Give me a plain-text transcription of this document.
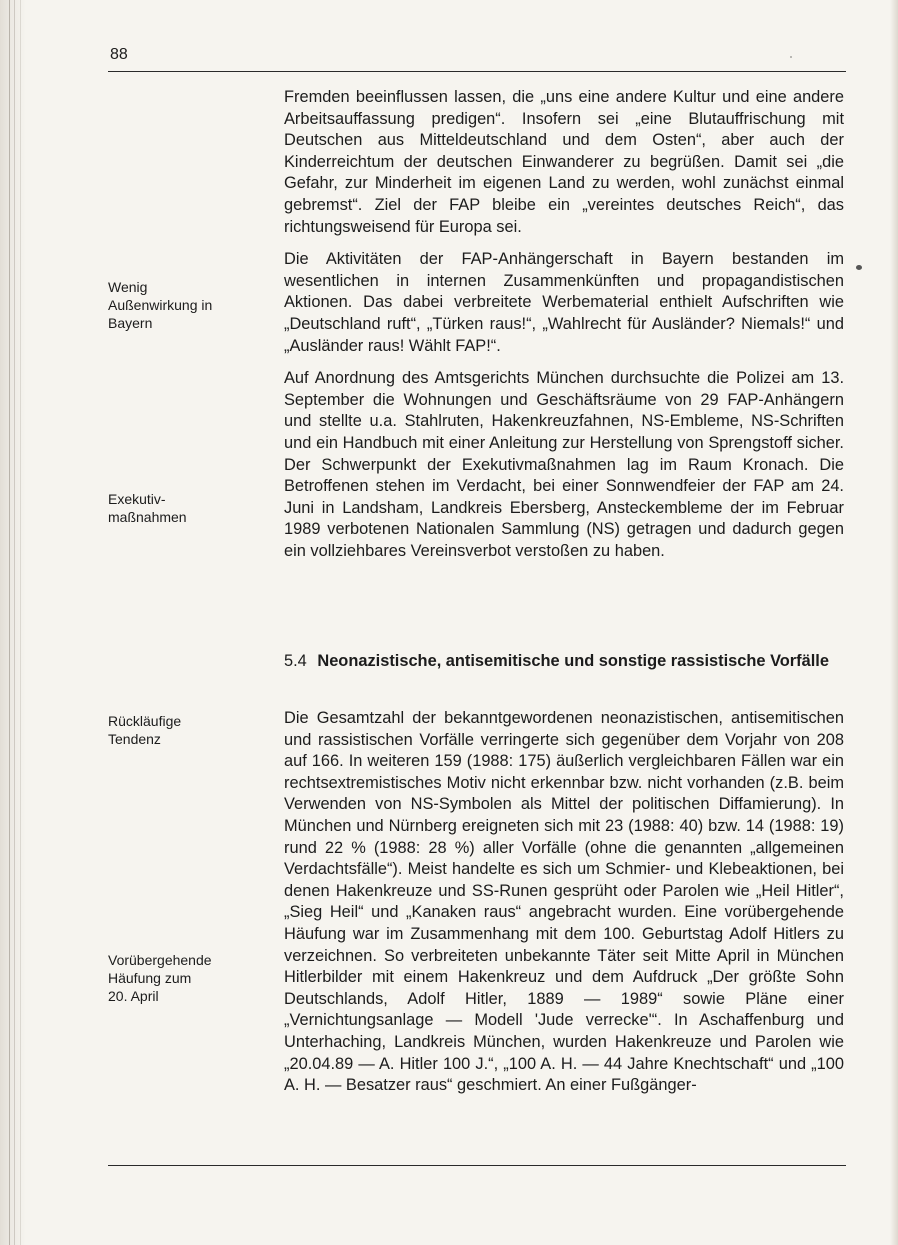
88
Wenig
Außenwirkung in
Bayern
Exekutiv-
maßnahmen
Rückläufige
Tendenz
Vorübergehende
Häufung zum
20. April

Fremden beeinflussen lassen, die „uns eine andere Kultur und eine andere Arbeitsauffassung predigen“. Insofern sei „eine Blutauffrischung mit Deutschen aus Mitteldeutschland und dem Osten“, aber auch der Kinderreichtum der deutschen Einwanderer zu begrüßen. Damit sei „die Gefahr, zur Minderheit im eigenen Land zu werden, wohl zunächst einmal gebremst“. Ziel der FAP bleibe ein „vereintes deutsches Reich“, das richtungsweisend für Europa sei.

Die Aktivitäten der FAP-Anhängerschaft in Bayern bestanden im wesentlichen in internen Zusammenkünften und propagandistischen Aktionen. Das dabei verbreitete Werbematerial enthielt Aufschriften wie „Deutschland ruft“, „Türken raus!“, „Wahlrecht für Ausländer? Niemals!“ und „Ausländer raus! Wählt FAP!“.

Auf Anordnung des Amtsgerichts München durchsuchte die Polizei am 13. September die Wohnungen und Geschäftsräume von 29 FAP-Anhängern und stellte u.a. Stahlruten, Hakenkreuzfahnen, NS-Embleme, NS-Schriften und ein Handbuch mit einer Anleitung zur Herstellung von Sprengstoff sicher. Der Schwerpunkt der Exekutivmaßnahmen lag im Raum Kronach. Die Betroffenen stehen im Verdacht, bei einer Sonnwendfeier der FAP am 24. Juni in Landsham, Landkreis Ebersberg, Ansteckembleme der im Februar 1989 verbotenen Nationalen Sammlung (NS) getragen und dadurch gegen ein vollziehbares Vereinsverbot verstoßen zu haben.

5.4 Neonazistische, antisemitische und sonstige rassistische Vorfälle

Die Gesamtzahl der bekanntgewordenen neonazistischen, antisemitischen und rassistischen Vorfälle verringerte sich gegenüber dem Vorjahr von 208 auf 166. In weiteren 159 (1988: 175) äußerlich vergleichbaren Fällen war ein rechtsextremistisches Motiv nicht erkennbar bzw. nicht vorhanden (z.B. beim Verwenden von NS-Symbolen als Mittel der politischen Diffamierung). In München und Nürnberg ereigneten sich mit 23 (1988: 40) bzw. 14 (1988: 19) rund 22 % (1988: 28 %) aller Vorfälle (ohne die genannten „allgemeinen Verdachtsfälle“). Meist handelte es sich um Schmier- und Klebeaktionen, bei denen Hakenkreuze und SS-Runen gesprüht oder Parolen wie „Heil Hitler“, „Sieg Heil“ und „Kanaken raus“ angebracht wurden. Eine vorübergehende Häufung war im Zusammenhang mit dem 100. Geburtstag Adolf Hitlers zu verzeichnen. So verbreiteten unbekannte Täter seit Mitte April in München Hitlerbilder mit einem Hakenkreuz und dem Aufdruck „Der größte Sohn Deutschlands, Adolf Hitler, 1889 — 1989“ sowie Pläne einer „Vernichtungsanlage — Modell 'Jude verrecke'“. In Aschaffenburg und Unterhaching, Landkreis München, wurden Hakenkreuze und Parolen wie „20.04.89 — A. Hitler 100 J.“, „100 A. H. — 44 Jahre Knechtschaft“ und „100 A. H. — Besatzer raus“ geschmiert. An einer Fußgänger-
